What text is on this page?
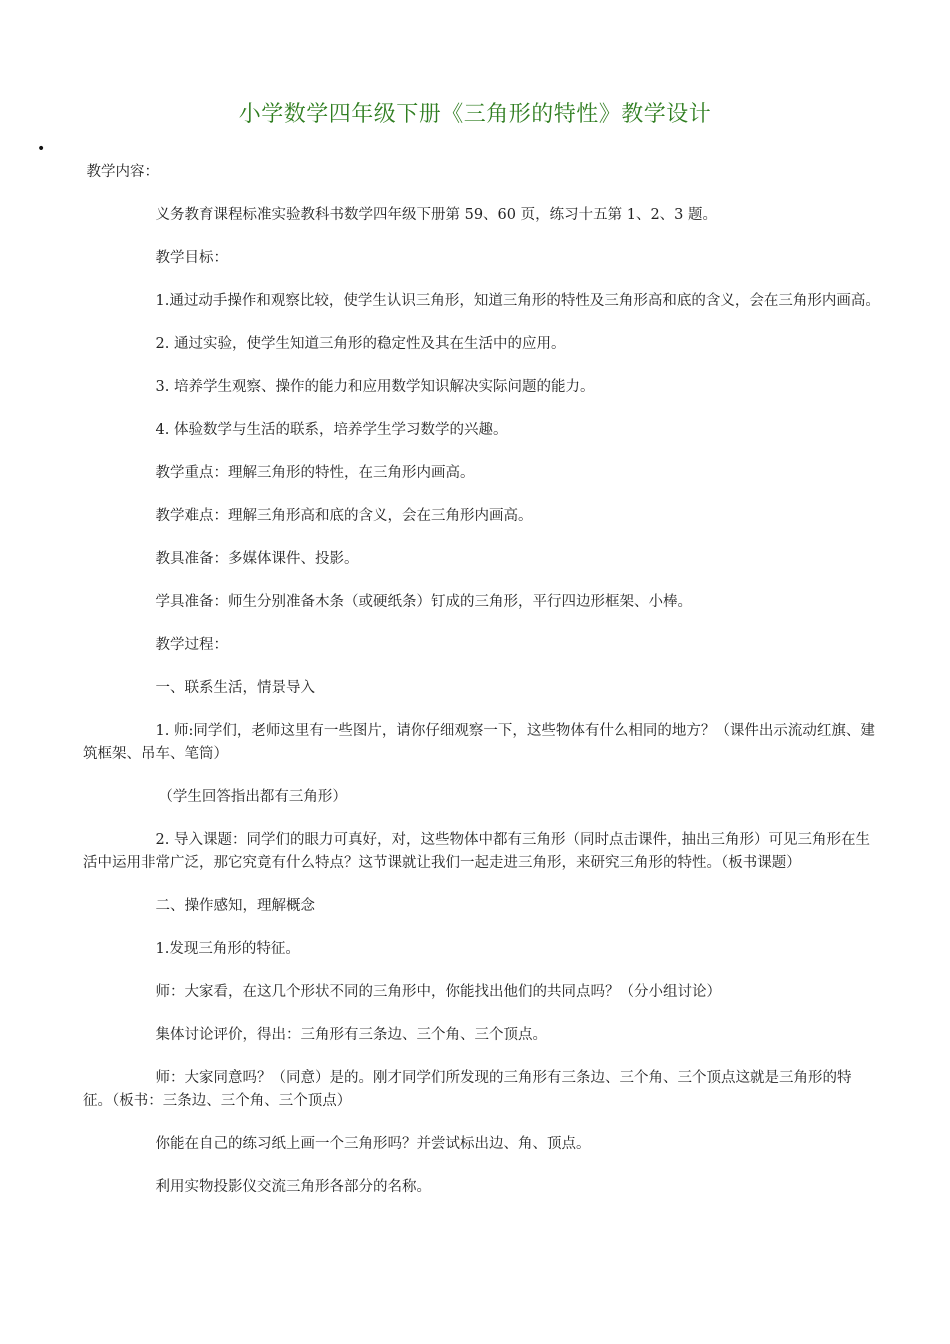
小学数学四年级下册《三角形的特性》教学设计
•

教学内容：

义务教育课程标准实验教科书数学四年级下册第 59、60 页，练习十五第 1、2、3 题。

教学目标：

1.通过动手操作和观察比较，使学生认识三角形，知道三角形的特性及三角形高和底的含义，会在三角形内画高。

2. 通过实验，使学生知道三角形的稳定性及其在生活中的应用。

3. 培养学生观察、操作的能力和应用数学知识解决实际问题的能力。

4. 体验数学与生活的联系，培养学生学习数学的兴趣。

教学重点：理解三角形的特性，在三角形内画高。

教学难点：理解三角形高和底的含义，会在三角形内画高。

教具准备：多媒体课件、投影。

学具准备：师生分别准备木条（或硬纸条）钉成的三角形，平行四边形框架、小棒。

教学过程：

一、联系生活，情景导入

1. 师:同学们，老师这里有一些图片，请你仔细观察一下，这些物体有什么相同的地方？（课件出示流动红旗、建筑框架、吊车、笔筒）

（学生回答指出都有三角形）

2. 导入课题：同学们的眼力可真好，对，这些物体中都有三角形（同时点击课件，抽出三角形）可见三角形在生活中运用非常广泛，那它究竟有什么特点？这节课就让我们一起走进三角形，来研究三角形的特性。（板书课题）

二、操作感知，理解概念

1.发现三角形的特征。

师：大家看，在这几个形状不同的三角形中，你能找出他们的共同点吗？（分小组讨论）

集体讨论评价，得出：三角形有三条边、三个角、三个顶点。

师：大家同意吗？（同意）是的。刚才同学们所发现的三角形有三条边、三个角、三个顶点这就是三角形的特征。（板书：三条边、三个角、三个顶点）

你能在自己的练习纸上画一个三角形吗？并尝试标出边、角、顶点。

利用实物投影仪交流三角形各部分的名称。
